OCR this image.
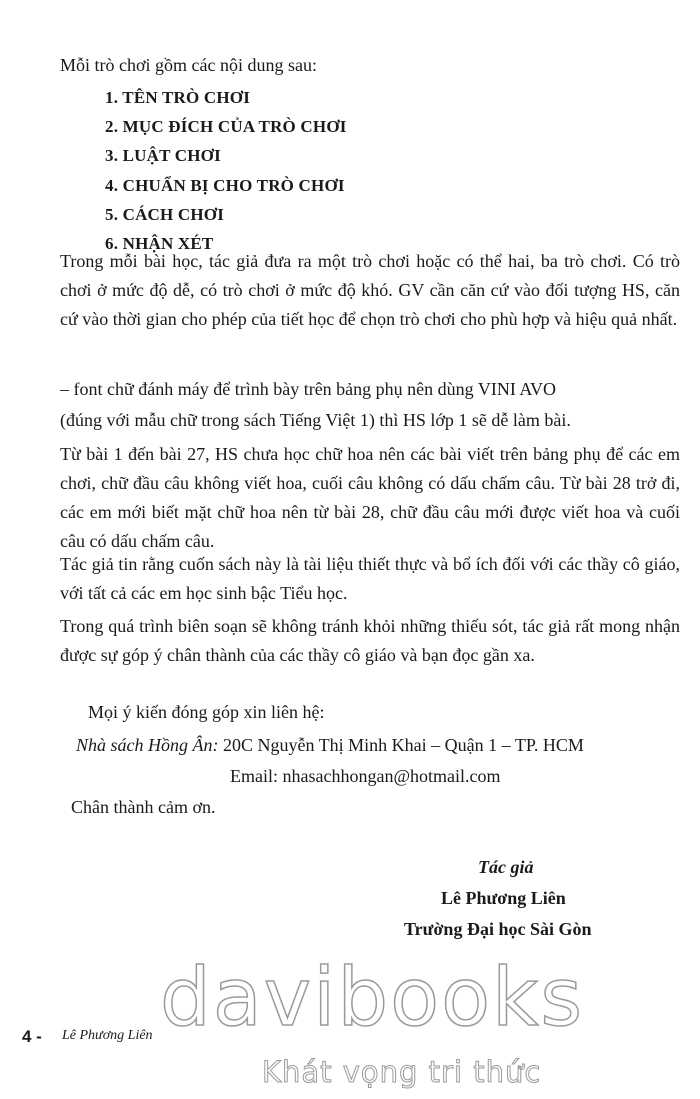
Mỗi trò chơi gồm các nội dung sau:
1. TÊN TRÒ CHƠI
2. MỤC ĐÍCH CỦA TRÒ CHƠI
3. LUẬT CHƠI
4. CHUẨN BỊ CHO TRÒ CHƠI
5. CÁCH CHƠI
6. NHẬN XÉT

Trong mỗi bài học, tác giả đưa ra một trò chơi hoặc có thể hai, ba trò chơi. Có trò chơi ở mức độ dễ, có trò chơi ở mức độ khó. GV cần căn cứ vào đối tượng HS, căn cứ vào thời gian cho phép của tiết học để chọn trò chơi cho phù hợp và hiệu quả nhất.

– font chữ đánh máy để trình bày trên bảng phụ nên dùng VINI AVO
(đúng với mẫu chữ trong sách Tiếng Việt 1) thì HS lớp 1 sẽ dễ làm bài.

Từ bài 1 đến bài 27, HS chưa học chữ hoa nên các bài viết trên bảng phụ để các em chơi, chữ đầu câu không viết hoa, cuối câu không có dấu chấm câu. Từ bài 28 trở đi, các em mới biết mặt chữ hoa nên từ bài 28, chữ đầu câu mới được viết hoa và cuối câu có dấu chấm câu.

Tác giả tin rằng cuốn sách này là tài liệu thiết thực và bổ ích đối với các thầy cô giáo, với tất cả các em học sinh bậc Tiểu học.

Trong quá trình biên soạn sẽ không tránh khỏi những thiếu sót, tác giả rất mong nhận được sự góp ý chân thành của các thầy cô giáo và bạn đọc gần xa.

Mọi ý kiến đóng góp xin liên hệ:
Nhà sách Hồng Ân: 20C Nguyễn Thị Minh Khai – Quận 1 – TP. HCM
Email: nhasachhongan@hotmail.com
Chân thành cảm ơn.
Tác giả
Lê Phương Liên
Trường Đại học Sài Gòn
davibooks
Khát vọng tri thức
4 - Lê Phương Liên
